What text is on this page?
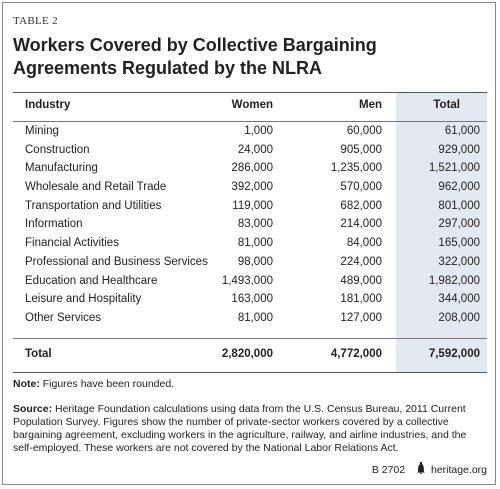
TABLE 2
Workers Covered by Collective Bargaining Agreements Regulated by the NLRA
Industry	Women	Men	Total
Mining	1,000	60,000	61,000
Construction	24,000	905,000	929,000
Manufacturing	286,000	1,235,000	1,521,000
Wholesale and Retail Trade	392,000	570,000	962,000
Transportation and Utilities	119,000	682,000	801,000
Information	83,000	214,000	297,000
Financial Activities	81,000	84,000	165,000
Professional and Business Services	98,000	224,000	322,000
Education and Healthcare	1,493,000	489,000	1,982,000
Leisure and Hospitality	163,000	181,000	344,000
Other Services	81,000	127,000	208,000
Total	2,820,000	4,772,000	7,592,000
Note: Figures have been rounded.
Source: Heritage Foundation calculations using data from the U.S. Census Bureau, 2011 Current Population Survey. Figures show the number of private-sector workers covered by a collective bargaining agreement, excluding workers in the agriculture, railway, and airline industries, and the self-employed. These workers are not covered by the National Labor Relations Act.
B 2702 heritage.org
